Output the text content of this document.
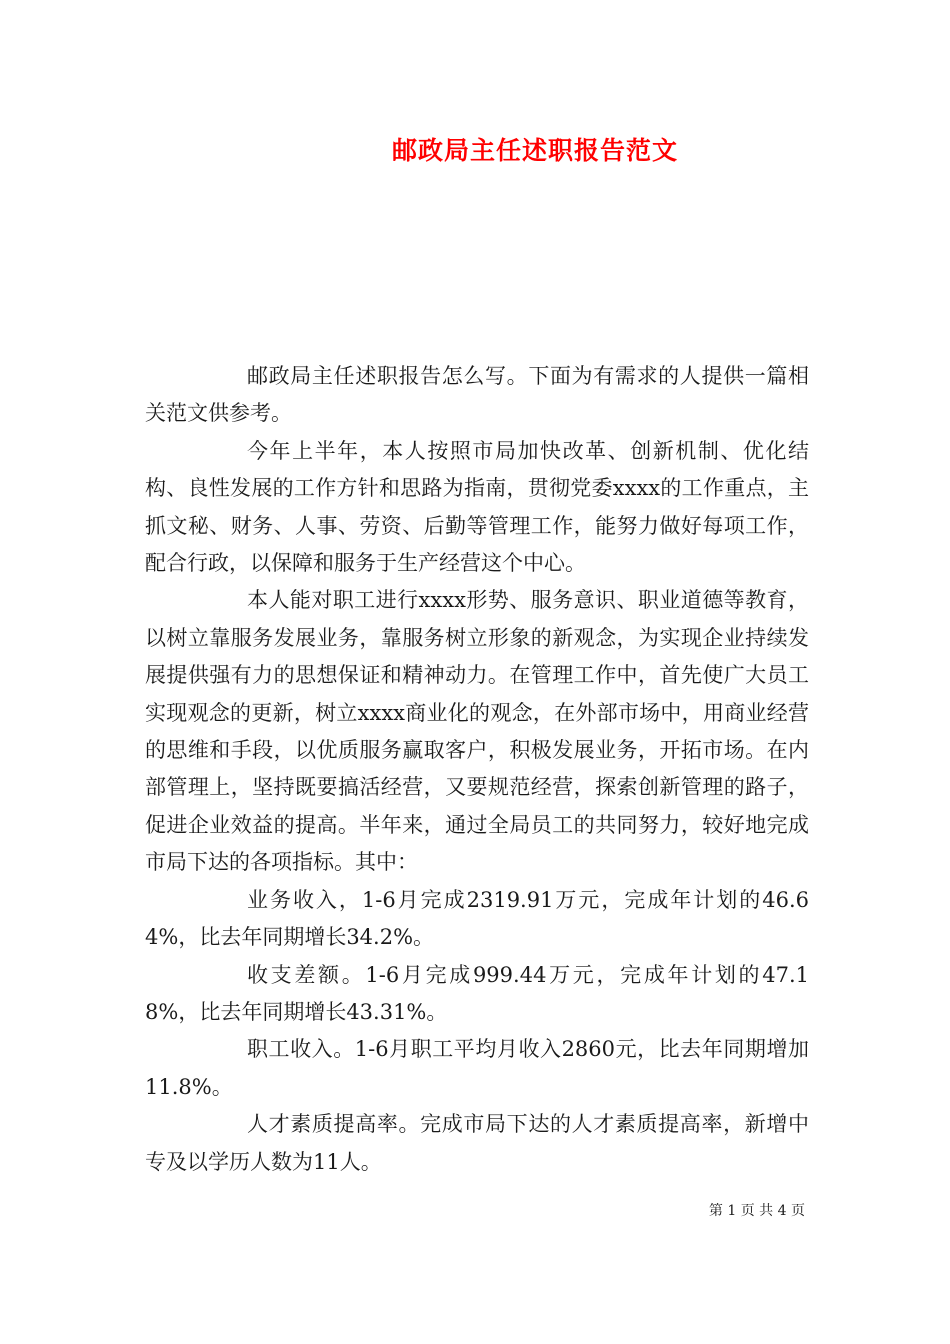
邮政局主任述职报告范文

邮政局主任述职报告怎么写。下面为有需求的人提供一篇相关范文供参考。

今年上半年，本人按照市局加快改革、创新机制、优化结构、良性发展的工作方针和思路为指南，贯彻党委xxxx的工作重点，主抓文秘、财务、人事、劳资、后勤等管理工作，能努力做好每项工作，配合行政，以保障和服务于生产经营这个中心。

本人能对职工进行xxxx形势、服务意识、职业道德等教育，以树立靠服务发展业务，靠服务树立形象的新观念，为实现企业持续发展提供强有力的思想保证和精神动力。在管理工作中，首先使广大员工实现观念的更新，树立xxxx商业化的观念，在外部市场中，用商业经营的思维和手段，以优质服务赢取客户，积极发展业务，开拓市场。在内部管理上，坚持既要搞活经营，又要规范经营，探索创新管理的路子，促进企业效益的提高。半年来，通过全局员工的共同努力，较好地完成市局下达的各项指标。其中：

业务收入，1-6月完成2319.91万元，完成年计划的46.64%，比去年同期增长34.2%。

收支差额。1-6月完成999.44万元，完成年计划的47.18%，比去年同期增长43.31%。

职工收入。1-6月职工平均月收入2860元，比去年同期增加11.8%。

人才素质提高率。完成市局下达的人才素质提高率，新增中专及以学历人数为11人。

第 1 页 共 4 页
